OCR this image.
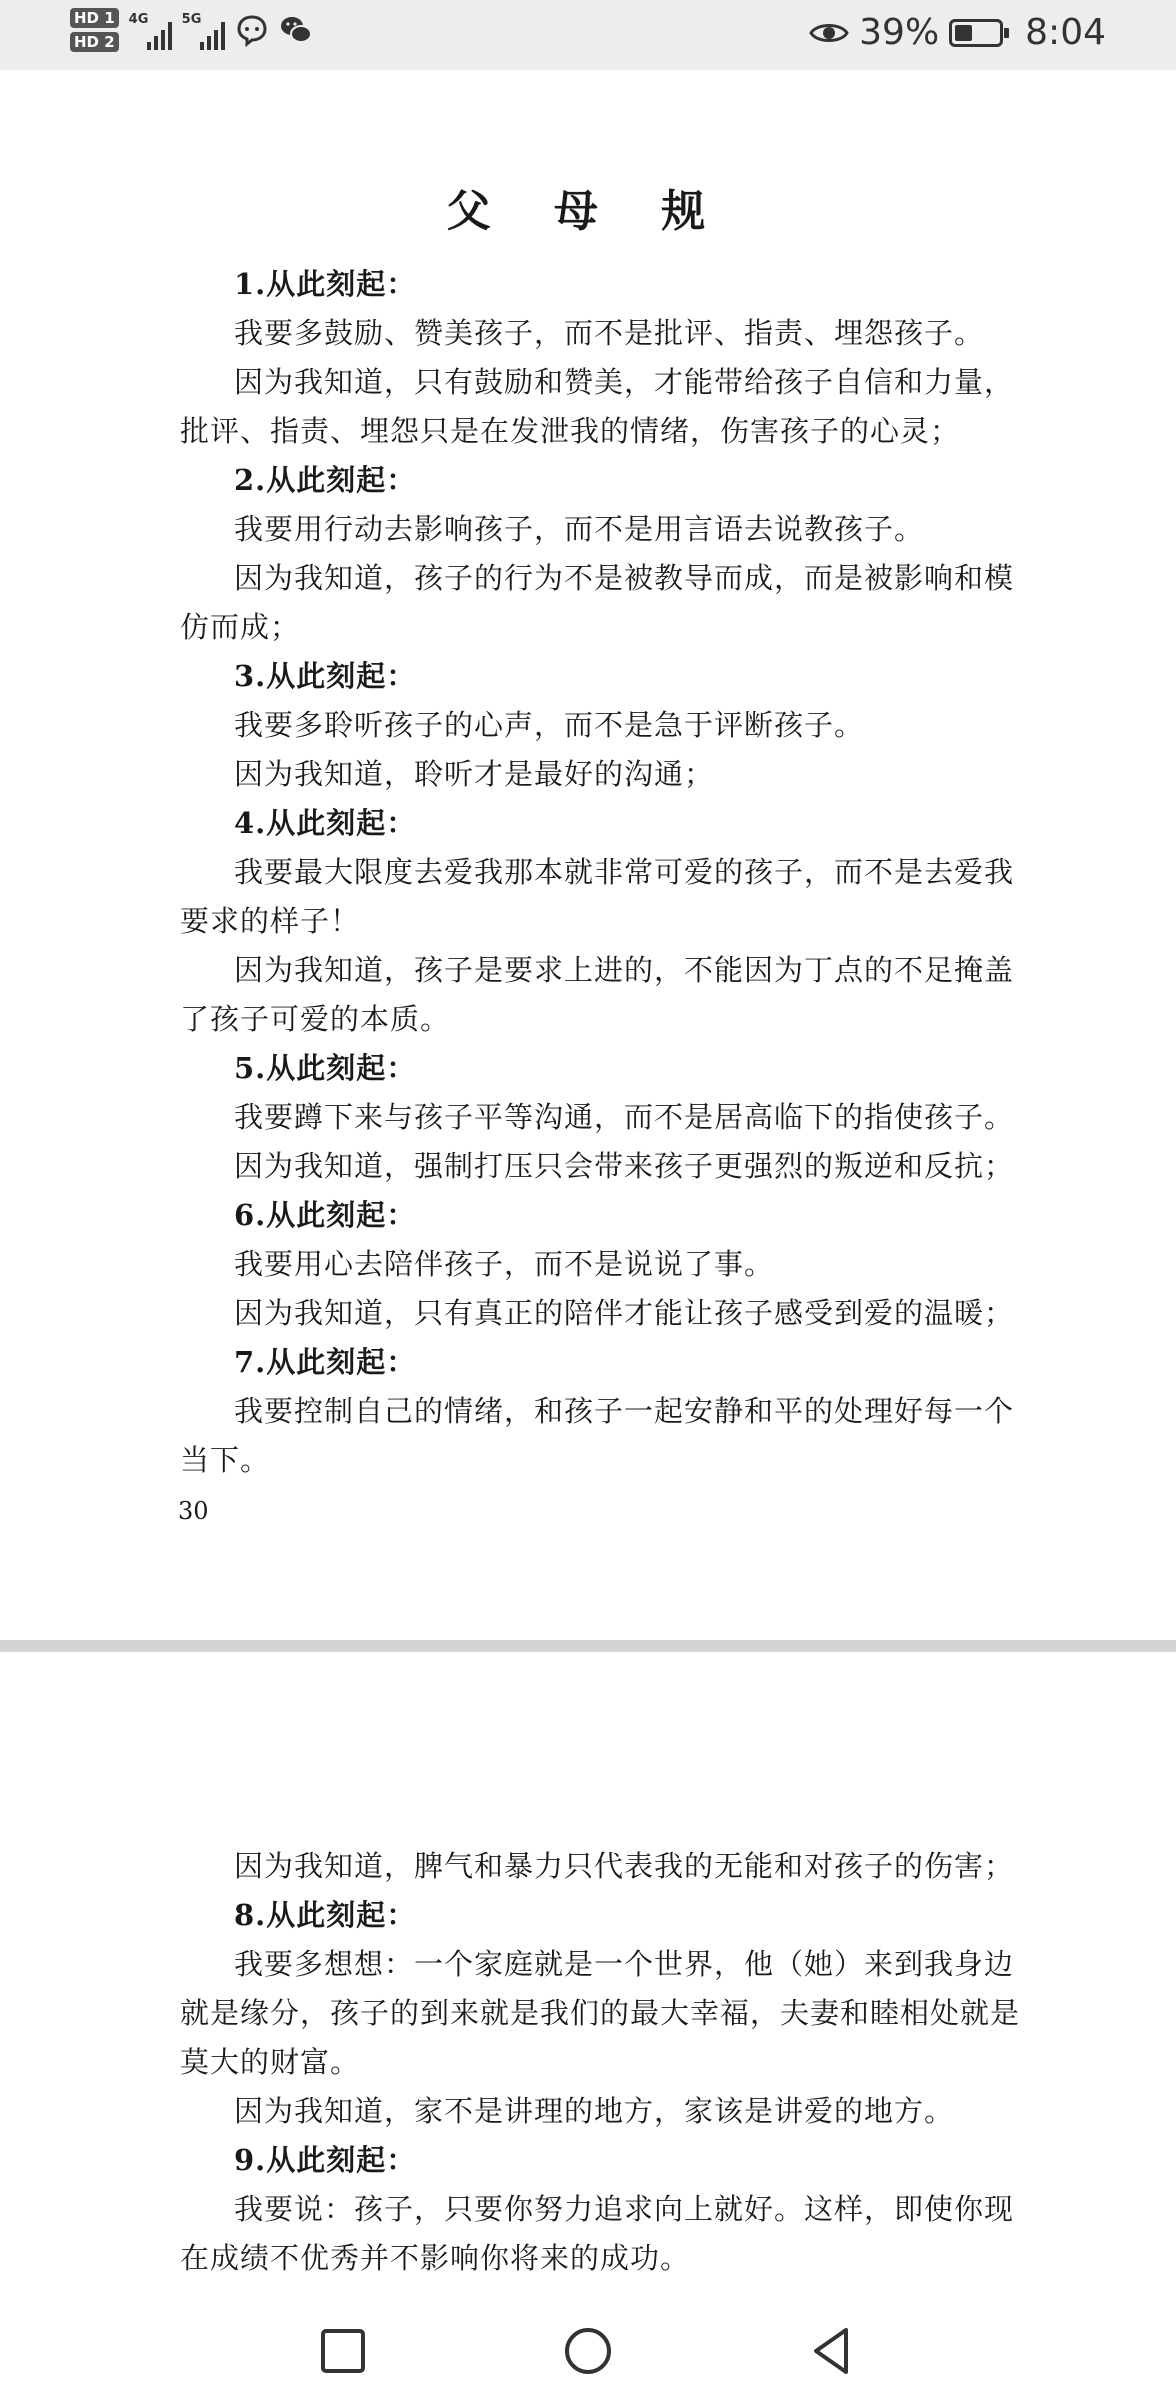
HD 1
HD 2
4G	5G	39% 8:04
父 母 规

1.从此刻起：

我要多鼓励、赞美孩子，而不是批评、指责、埋怨孩子。

因为我知道，只有鼓励和赞美，才能带给孩子自信和力量，

批评、指责、埋怨只是在发泄我的情绪，伤害孩子的心灵；

2.从此刻起：

我要用行动去影响孩子，而不是用言语去说教孩子。

因为我知道，孩子的行为不是被教导而成，而是被影响和模

仿而成；

3.从此刻起：

我要多聆听孩子的心声，而不是急于评断孩子。

因为我知道，聆听才是最好的沟通；

4.从此刻起：

我要最大限度去爱我那本就非常可爱的孩子，而不是去爱我

要求的样子！

因为我知道，孩子是要求上进的，不能因为丁点的不足掩盖

了孩子可爱的本质。

5.从此刻起：

我要蹲下来与孩子平等沟通，而不是居高临下的指使孩子。

因为我知道，强制打压只会带来孩子更强烈的叛逆和反抗；

6.从此刻起：

我要用心去陪伴孩子，而不是说说了事。

因为我知道，只有真正的陪伴才能让孩子感受到爱的温暖；

7.从此刻起：

我要控制自己的情绪，和孩子一起安静和平的处理好每一个

当下。

30

因为我知道，脾气和暴力只代表我的无能和对孩子的伤害；

8.从此刻起：

我要多想想：一个家庭就是一个世界，他（她）来到我身边

就是缘分，孩子的到来就是我们的最大幸福，夫妻和睦相处就是

莫大的财富。

因为我知道，家不是讲理的地方，家该是讲爱的地方。

9.从此刻起：

我要说：孩子，只要你努力追求向上就好。这样，即使你现

在成绩不优秀并不影响你将来的成功。
